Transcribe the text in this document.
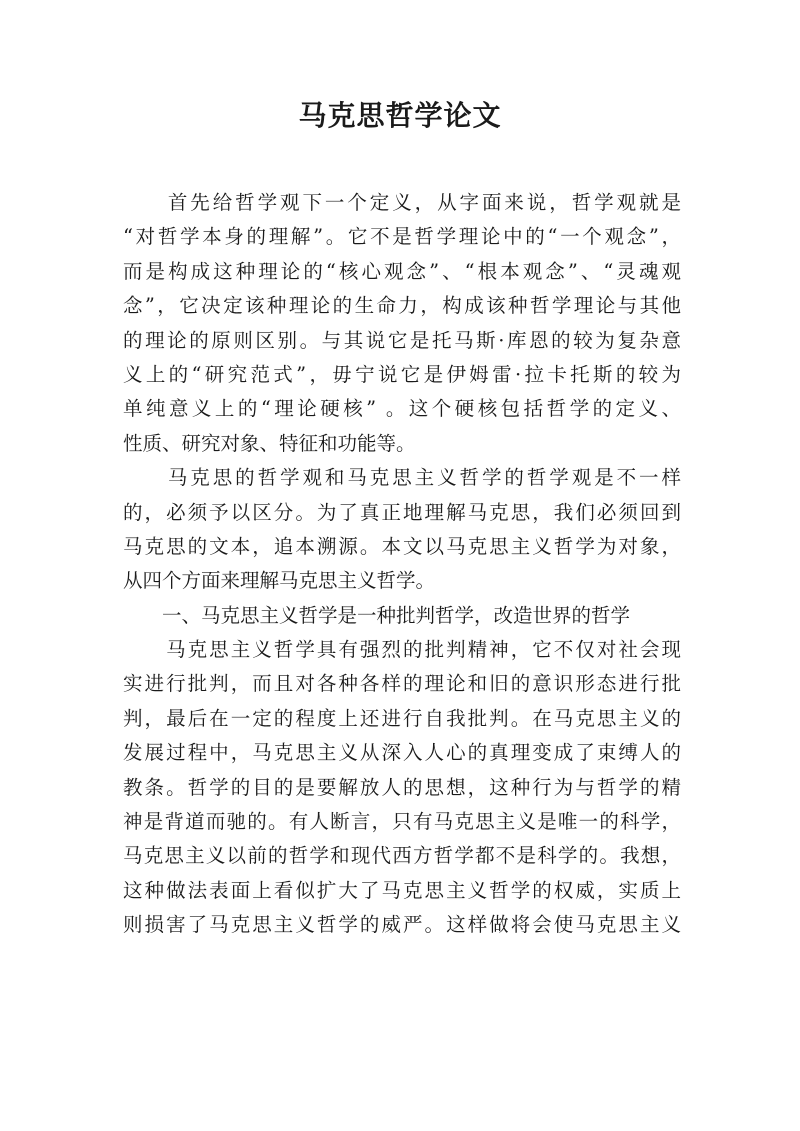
马克思哲学论文
　　首先给哲学观下一个定义，从字面来说，哲学观就是
“对哲学本身的理解”。它不是哲学理论中的“一个观念”，
而是构成这种理论的“核心观念”、“根本观念”、“灵魂观
念”，它决定该种理论的生命力，构成该种哲学理论与其他
的理论的原则区别。与其说它是托马斯·库恩的较为复杂意
义上的“研究范式”，毋宁说它是伊姆雷·拉卡托斯的较为
单纯意义上的“理论硬核” 。这个硬核包括哲学的定义、
性质、研究对象、特征和功能等。
　　马克思的哲学观和马克思主义哲学的哲学观是不一样
的，必须予以区分。为了真正地理解马克思，我们必须回到
马克思的文本，追本溯源。本文以马克思主义哲学为对象，
从四个方面来理解马克思主义哲学。
　　一、马克思主义哲学是一种批判哲学，改造世界的哲学
　　马克思主义哲学具有强烈的批判精神，它不仅对社会现
实进行批判，而且对各种各样的理论和旧的意识形态进行批
判，最后在一定的程度上还进行自我批判。在马克思主义的
发展过程中，马克思主义从深入人心的真理变成了束缚人的
教条。哲学的目的是要解放人的思想，这种行为与哲学的精
神是背道而驰的。有人断言，只有马克思主义是唯一的科学，
马克思主义以前的哲学和现代西方哲学都不是科学的。我想，
这种做法表面上看似扩大了马克思主义哲学的权威，实质上
则损害了马克思主义哲学的威严。这样做将会使马克思主义
